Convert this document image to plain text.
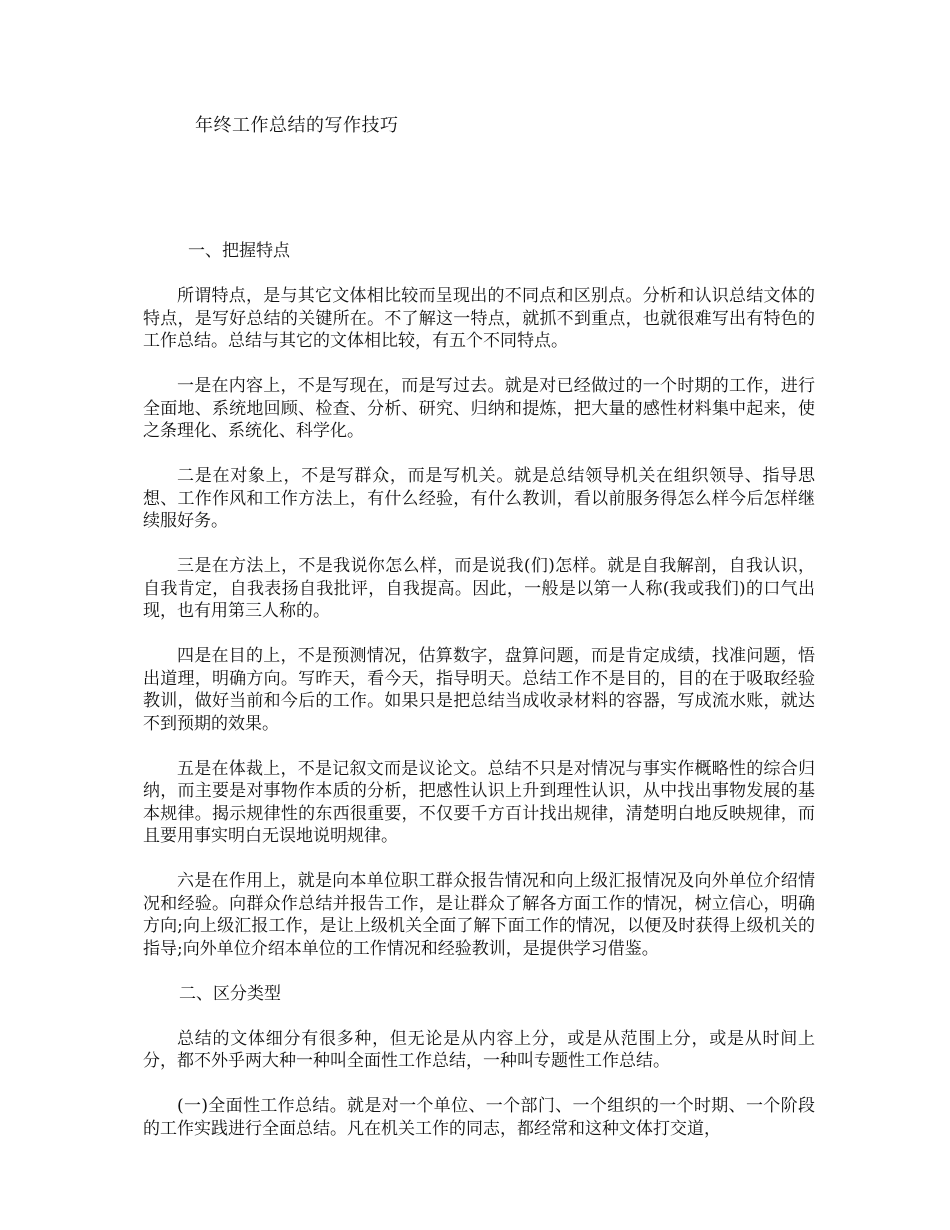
年终工作总结的写作技巧

一、把握特点

所谓特点，是与其它文体相比较而呈现出的不同点和区别点。分析和认识总结文体的特点，是写好总结的关键所在。不了解这一特点，就抓不到重点，也就很难写出有特色的工作总结。总结与其它的文体相比较，有五个不同特点。

一是在内容上，不是写现在，而是写过去。就是对已经做过的一个时期的工作，进行全面地、系统地回顾、检查、分析、研究、归纳和提炼，把大量的感性材料集中起来，使之条理化、系统化、科学化。

二是在对象上，不是写群众，而是写机关。就是总结领导机关在组织领导、指导思想、工作作风和工作方法上，有什么经验，有什么教训，看以前服务得怎么样今后怎样继续服好务。

三是在方法上，不是我说你怎么样，而是说我(们)怎样。就是自我解剖，自我认识，自我肯定，自我表扬自我批评，自我提高。因此，一般是以第一人称(我或我们)的口气出现，也有用第三人称的。

四是在目的上，不是预测情况，估算数字，盘算问题，而是肯定成绩，找准问题，悟出道理，明确方向。写昨天，看今天，指导明天。总结工作不是目的，目的在于吸取经验教训，做好当前和今后的工作。如果只是把总结当成收录材料的容器，写成流水账，就达不到预期的效果。

五是在体裁上，不是记叙文而是议论文。总结不只是对情况与事实作概略性的综合归纳，而主要是对事物作本质的分析，把感性认识上升到理性认识，从中找出事物发展的基本规律。揭示规律性的东西很重要，不仅要千方百计找出规律，清楚明白地反映规律，而且要用事实明白无误地说明规律。

六是在作用上，就是向本单位职工群众报告情况和向上级汇报情况及向外单位介绍情况和经验。向群众作总结并报告工作，是让群众了解各方面工作的情况，树立信心，明确方向;向上级汇报工作，是让上级机关全面了解下面工作的情况，以便及时获得上级机关的指导;向外单位介绍本单位的工作情况和经验教训，是提供学习借鉴。

二、区分类型

总结的文体细分有很多种，但无论是从内容上分，或是从范围上分，或是从时间上分，都不外乎两大种一种叫全面性工作总结，一种叫专题性工作总结。

(一)全面性工作总结。就是对一个单位、一个部门、一个组织的一个时期、一个阶段的工作实践进行全面总结。凡在机关工作的同志，都经常和这种文体打交道，
